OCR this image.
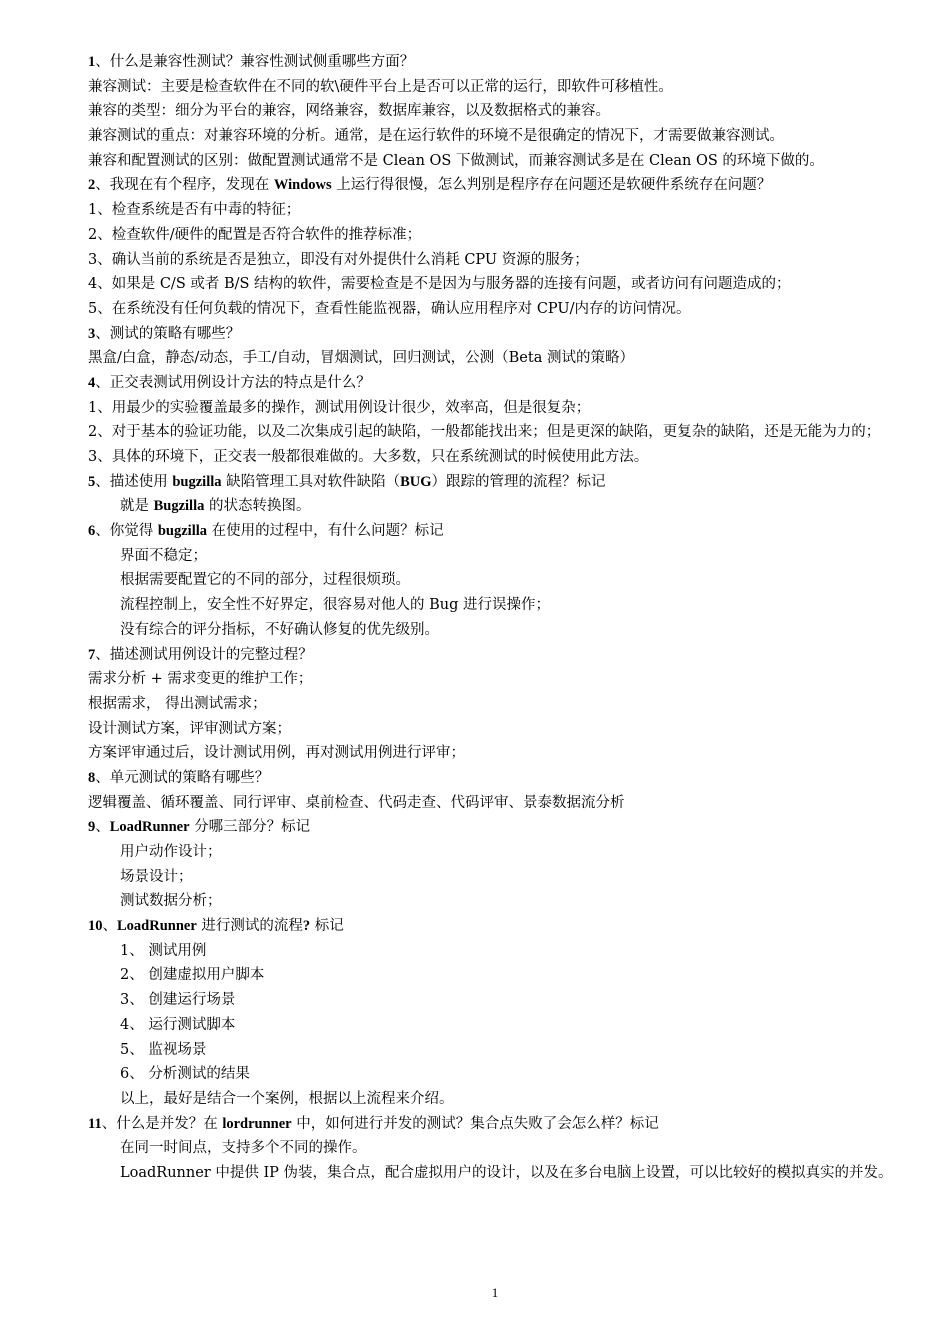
1、什么是兼容性测试？兼容性测试侧重哪些方面？
兼容测试：主要是检查软件在不同的软\硬件平台上是否可以正常的运行，即软件可移植性。
兼容的类型：细分为平台的兼容，网络兼容，数据库兼容，以及数据格式的兼容。
兼容测试的重点：对兼容环境的分析。通常，是在运行软件的环境不是很确定的情况下，才需要做兼容测试。
兼容和配置测试的区别：做配置测试通常不是 Clean OS 下做测试，而兼容测试多是在 Clean OS 的环境下做的。
2、我现在有个程序，发现在 Windows 上运行得很慢，怎么判别是程序存在问题还是软硬件系统存在问题？
1、检查系统是否有中毒的特征；
2、检查软件/硬件的配置是否符合软件的推荐标准；
3、确认当前的系统是否是独立，即没有对外提供什么消耗 CPU 资源的服务；
4、如果是 C/S 或者 B/S 结构的软件，需要检查是不是因为与服务器的连接有问题，或者访问有问题造成的；
5、在系统没有任何负载的情况下，查看性能监视器，确认应用程序对 CPU/内存的访问情况。
3、测试的策略有哪些？
黑盒/白盒，静态/动态，手工/自动，冒烟测试，回归测试，公测（Beta 测试的策略）
4、正交表测试用例设计方法的特点是什么？
1、用最少的实验覆盖最多的操作，测试用例设计很少，效率高，但是很复杂；
2、对于基本的验证功能，以及二次集成引起的缺陷，一般都能找出来；但是更深的缺陷，更复杂的缺陷，还是无能为力的；
3、具体的环境下，正交表一般都很难做的。大多数，只在系统测试的时候使用此方法。
5、描述使用 bugzilla 缺陷管理工具对软件缺陷（BUG）跟踪的管理的流程？标记
就是 Bugzilla 的状态转换图。
6、你觉得 bugzilla 在使用的过程中，有什么问题？标记
界面不稳定；
根据需要配置它的不同的部分，过程很烦琐。
流程控制上，安全性不好界定，很容易对他人的 Bug 进行误操作；
没有综合的评分指标，不好确认修复的优先级别。
7、描述测试用例设计的完整过程？
需求分析 + 需求变更的维护工作；
根据需求， 得出测试需求；
设计测试方案，评审测试方案；
方案评审通过后，设计测试用例，再对测试用例进行评审；
8、单元测试的策略有哪些？
逻辑覆盖、循环覆盖、同行评审、桌前检查、代码走查、代码评审、景泰数据流分析
9、LoadRunner 分哪三部分？标记
用户动作设计；
场景设计；
测试数据分析；
10、LoadRunner 进行测试的流程? 标记
1、 测试用例
2、 创建虚拟用户脚本
3、 创建运行场景
4、 运行测试脚本
5、 监视场景
6、 分析测试的结果
以上，最好是结合一个案例，根据以上流程来介绍。
11、什么是并发？在 lordrunner 中，如何进行并发的测试？集合点失败了会怎么样？标记
在同一时间点，支持多个不同的操作。
LoadRunner 中提供 IP 伪装，集合点，配合虚拟用户的设计，以及在多台电脑上设置，可以比较好的模拟真实的并发。
1
